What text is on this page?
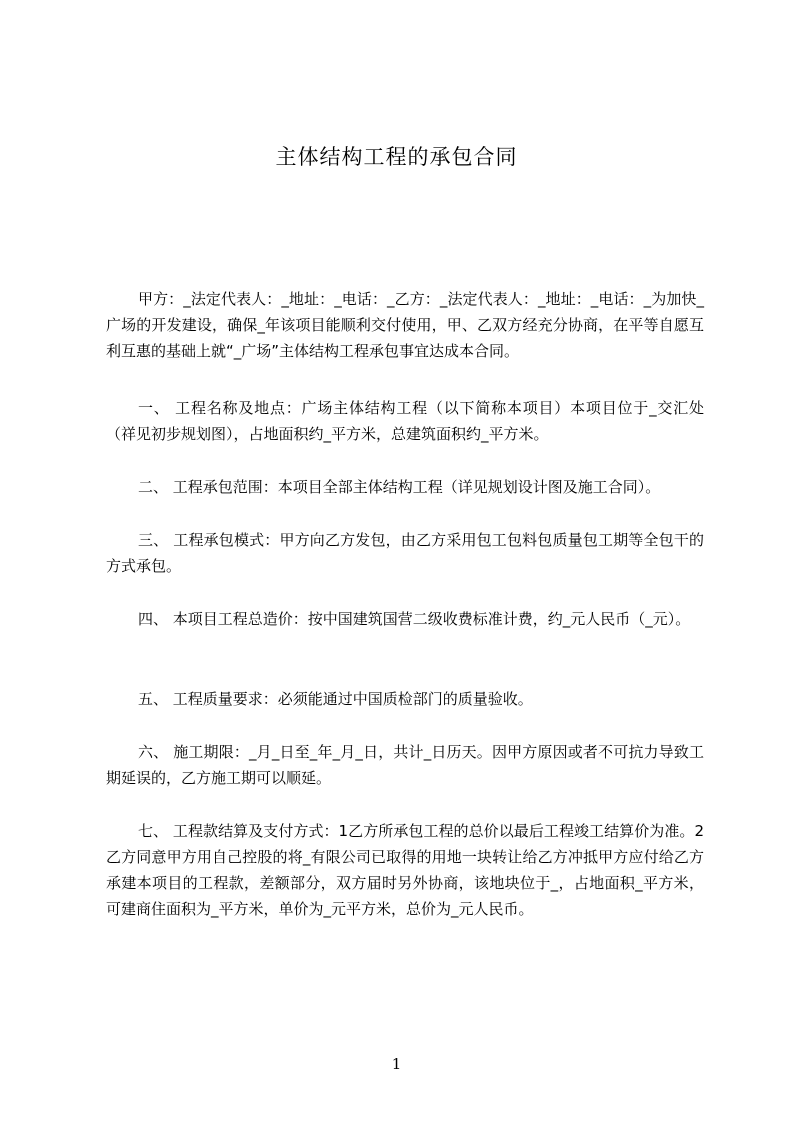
主体结构工程的承包合同

甲方：_法定代表人：_地址：_电话：_乙方：_法定代表人：_地址：_电话：_为加快_广场的开发建设，确保_年该项目能顺利交付使用，甲、乙双方经充分协商，在平等自愿互利互惠的基础上就“_广场”主体结构工程承包事宜达成本合同。

一、 工程名称及地点：广场主体结构工程（以下简称本项目）本项目位于_交汇处（祥见初步规划图），占地面积约_平方米，总建筑面积约_平方米。

二、 工程承包范围：本项目全部主体结构工程（详见规划设计图及施工合同）。

三、 工程承包模式：甲方向乙方发包，由乙方采用包工包料包质量包工期等全包干的方式承包。

四、 本项目工程总造价：按中国建筑国营二级收费标准计费，约_元人民币（_元）。

五、 工程质量要求：必须能通过中国质检部门的质量验收。

六、 施工期限：_月_日至_年_月_日，共计_日历天。因甲方原因或者不可抗力导致工期延误的，乙方施工期可以顺延。

七、 工程款结算及支付方式：1乙方所承包工程的总价以最后工程竣工结算价为准。2乙方同意甲方用自己控股的将_有限公司已取得的用地一块转让给乙方冲抵甲方应付给乙方承建本项目的工程款，差额部分，双方届时另外协商，该地块位于_，占地面积_平方米，可建商住面积为_平方米，单价为_元平方米，总价为_元人民币。

1
